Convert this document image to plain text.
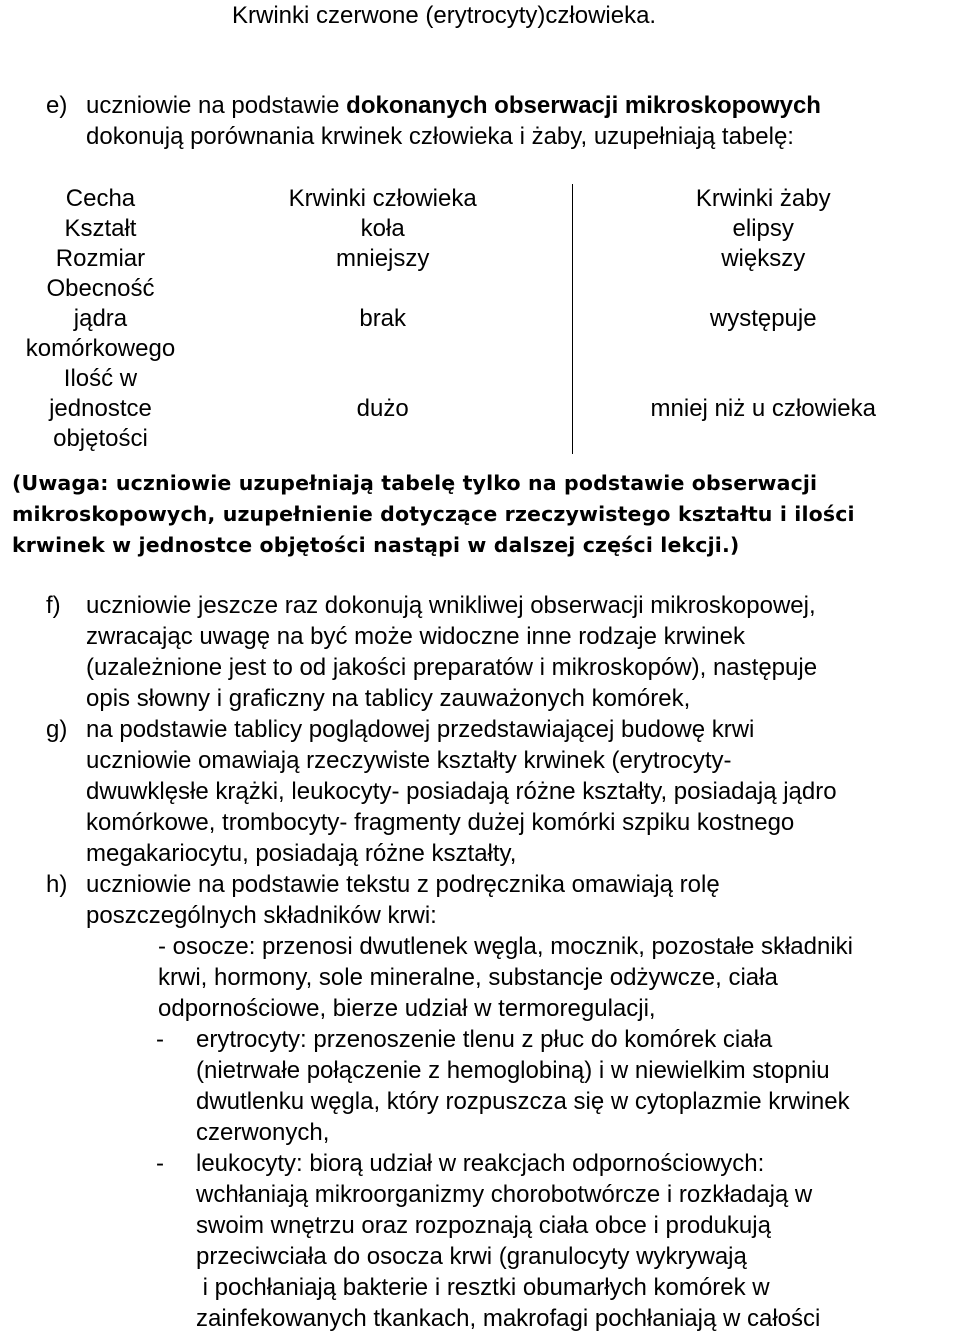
Krwinki czerwone (erytrocyty)człowieka.
e) uczniowie na podstawie dokonanych obserwacji mikroskopowych
dokonują porównania krwinek człowieka i żaby, uzupełniają tabelę:
Cecha	Krwinki człowieka	Krwinki żaby
Kształt	koła	elipsy
Rozmiar	mniejszy	większy

Obecność
jądra
komórkowego	brak	występuje

Ilość w
jednostce
objętości	dużo	mniej niż u człowieka
(Uwaga: uczniowie uzupełniają tabelę tylko na podstawie obserwacji
mikroskopowych, uzupełnienie dotyczące rzeczywistego kształtu i ilości
krwinek w jednostce objętości nastąpi w dalszej części lekcji.)
f) uczniowie jeszcze raz dokonują wnikliwej obserwacji mikroskopowej,
zwracając uwagę na być może widoczne inne rodzaje krwinek
(uzależnione jest to od jakości preparatów i mikroskopów), następuje
opis słowny i graficzny na tablicy zauważonych komórek,
g) na podstawie tablicy poglądowej przedstawiającej budowę krwi
uczniowie omawiają rzeczywiste kształty krwinek (erytrocyty-
dwuwklęsłe krążki, leukocyty- posiadają różne kształty, posiadają jądro
komórkowe, trombocyty- fragmenty dużej komórki szpiku kostnego
megakariocytu, posiadają różne kształty,
h) uczniowie na podstawie tekstu z podręcznika omawiają rolę
poszczególnych składników krwi:
- osocze: przenosi dwutlenek węgla, mocznik, pozostałe składniki
krwi, hormony, sole mineralne, substancje odżywcze, ciała
odpornościowe, bierze udział w termoregulacji,
- erytrocyty: przenoszenie tlenu z płuc do komórek ciała
(nietrwałe połączenie z hemoglobiną) i w niewielkim stopniu
dwutlenku węgla, który rozpuszcza się w cytoplazmie krwinek
czerwonych,
- leukocyty: biorą udział w reakcjach odpornościowych:
wchłaniają mikroorganizmy chorobotwórcze i rozkładają w
swoim wnętrzu oraz rozpoznają ciała obce i produkują
przeciwciała do osocza krwi (granulocyty wykrywają
i pochłaniają bakterie i resztki obumarłych komórek w
zainfekowanych tkankach, makrofagi pochłaniają w całości
